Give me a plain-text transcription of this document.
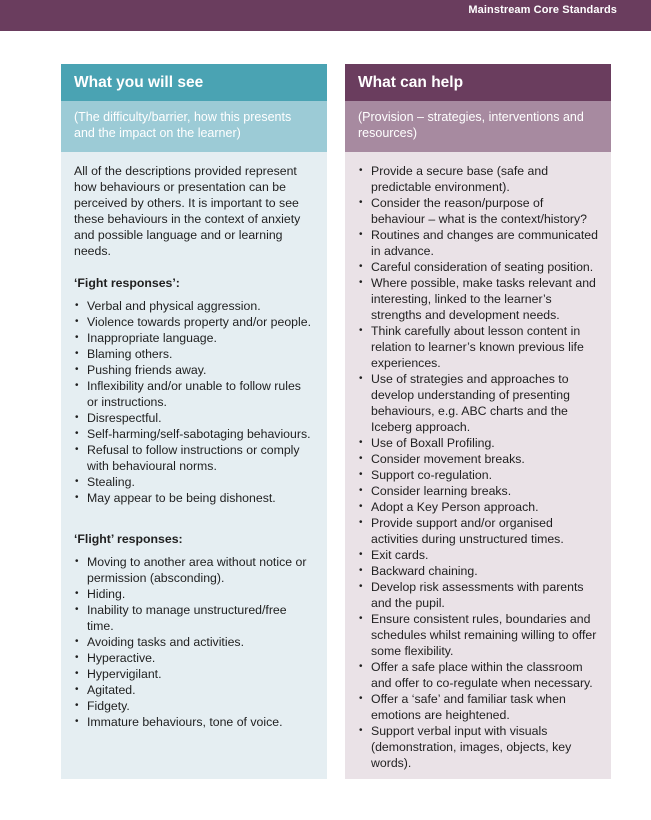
Mainstream Core Standards
What you will see
(The difficulty/barrier, how this presents and the impact on the learner)

All of the descriptions provided represent how behaviours or presentation can be perceived by others. It is important to see these behaviours in the context of anxiety and possible language and or learning needs.

‘Fight responses’:

• Verbal and physical aggression.
• Violence towards property and/or people.
• Inappropriate language.
• Blaming others.
• Pushing friends away.
• Inflexibility and/or unable to follow rules or instructions.
• Disrespectful.
• Self-harming/self-sabotaging behaviours.
• Refusal to follow instructions or comply with behavioural norms.
• Stealing.
• May appear to be being dishonest.

‘Flight’ responses:

• Moving to another area without notice or permission (absconding).
• Hiding.
• Inability to manage unstructured/free time.
• Avoiding tasks and activities.
• Hyperactive.
• Hypervigilant.
• Agitated.
• Fidgety.
• Immature behaviours, tone of voice.
What can help
(Provision – strategies, interventions and resources)
• Provide a secure base (safe and predictable environment).
• Consider the reason/purpose of behaviour – what is the context/history?
• Routines and changes are communicated in advance.
• Careful consideration of seating position.
• Where possible, make tasks relevant and interesting, linked to the learner’s strengths and development needs.
• Think carefully about lesson content in relation to learner’s known previous life experiences.
• Use of strategies and approaches to develop understanding of presenting behaviours, e.g. ABC charts and the Iceberg approach.
• Use of Boxall Profiling.
• Consider movement breaks.
• Support co-regulation.
• Consider learning breaks.
• Adopt a Key Person approach.
• Provide support and/or organised activities during unstructured times.
• Exit cards.
• Backward chaining.
• Develop risk assessments with parents and the pupil.
• Ensure consistent rules, boundaries and schedules whilst remaining willing to offer some flexibility.
• Offer a safe place within the classroom and offer to co-regulate when necessary.
• Offer a ‘safe’ and familiar task when emotions are heightened.
• Support verbal input with visuals (demonstration, images, objects, key words).
